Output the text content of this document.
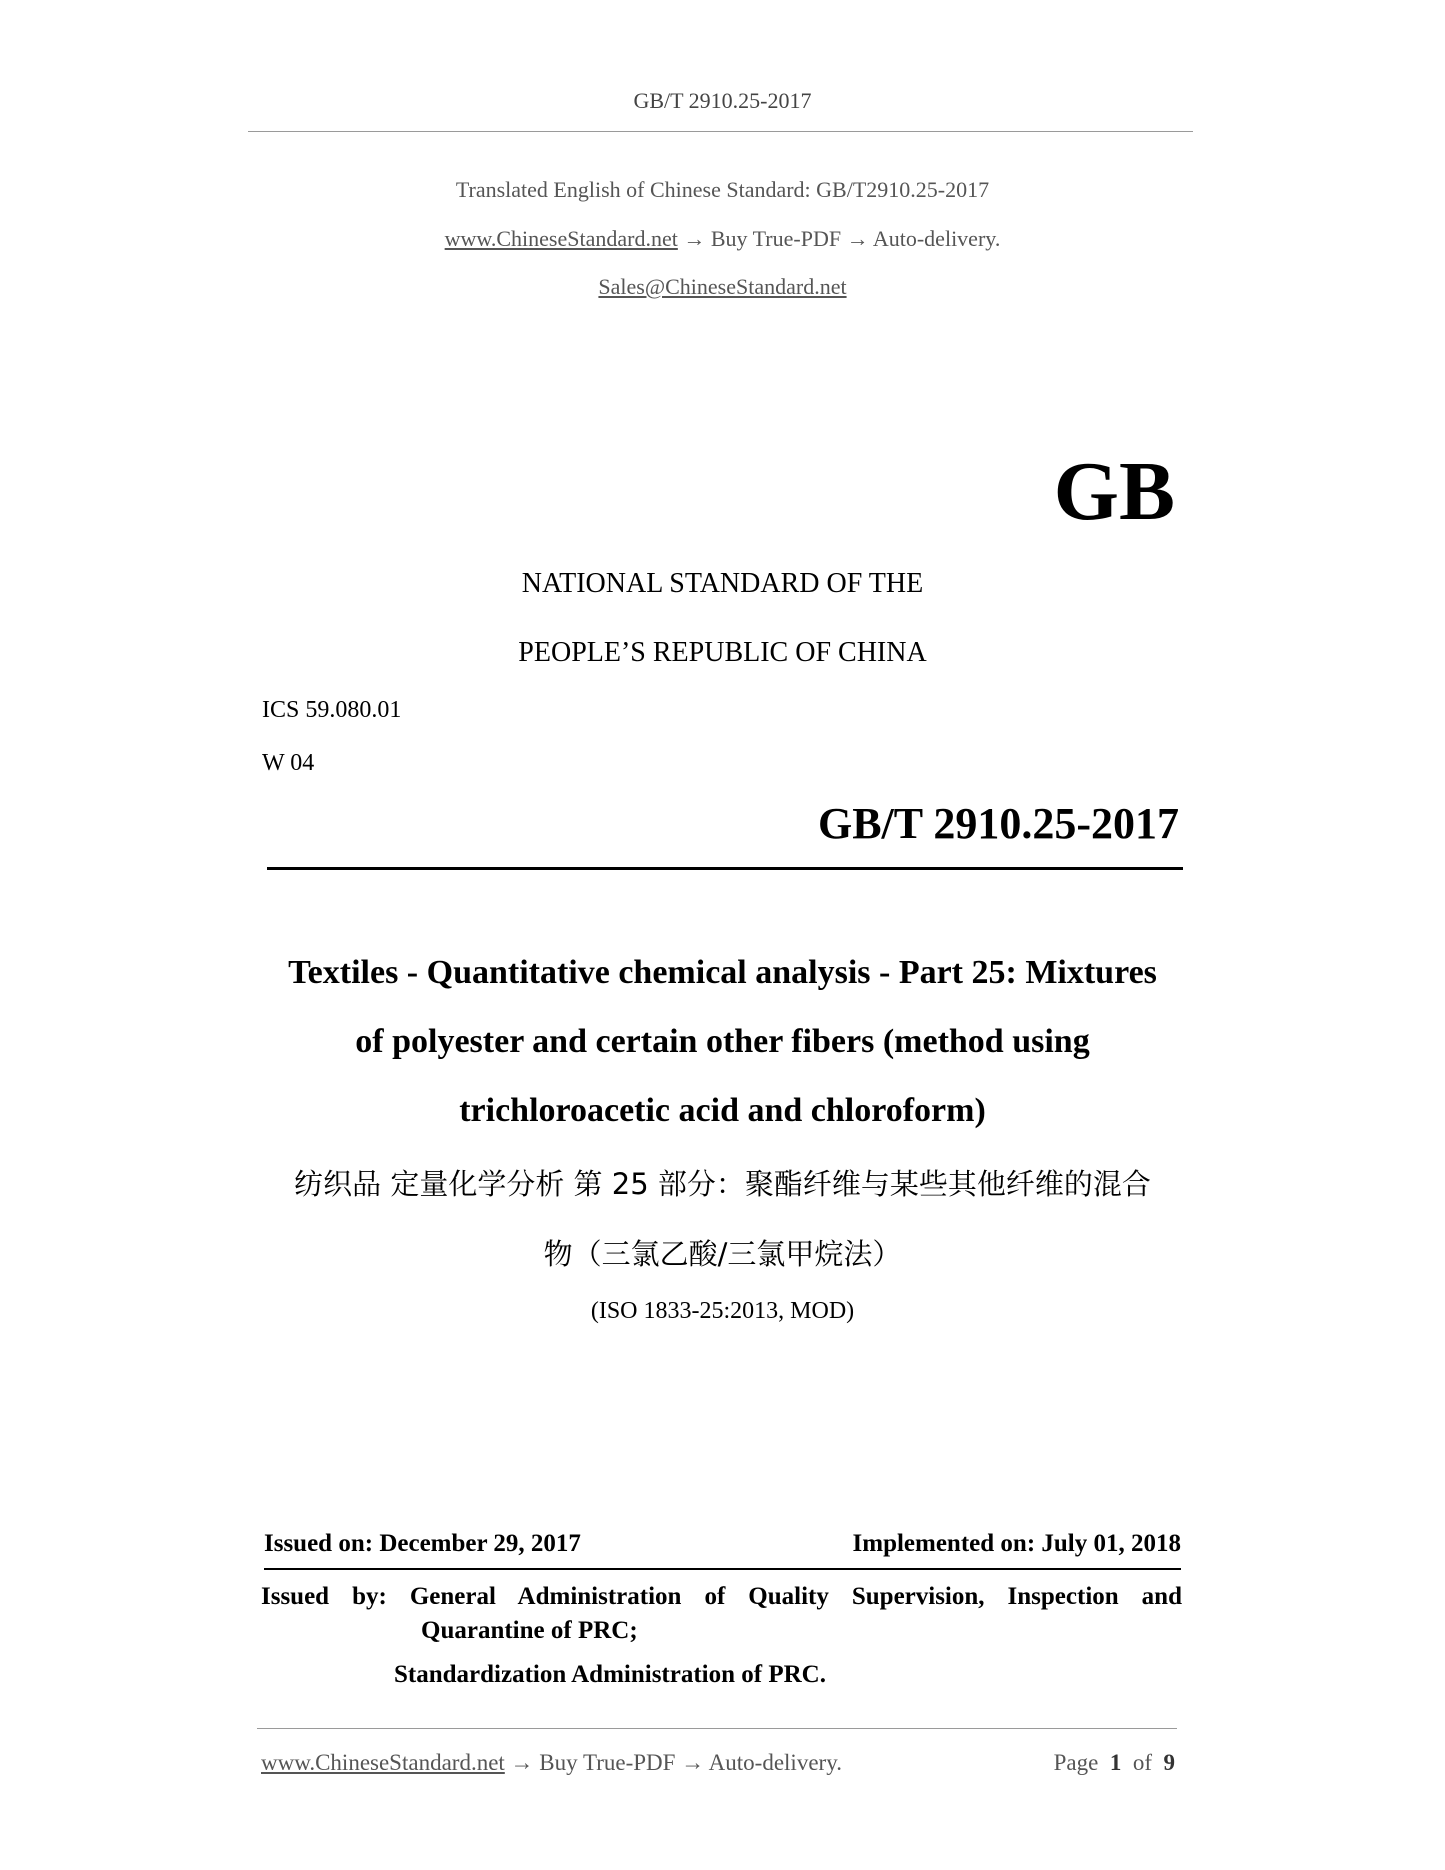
GB/T 2910.25-2017
Translated English of Chinese Standard: GB/T2910.25-2017
www.ChineseStandard.net → Buy True-PDF → Auto-delivery.
Sales@ChineseStandard.net
GB
NATIONAL STANDARD OF THE
PEOPLE’S REPUBLIC OF CHINA
ICS 59.080.01
W 04
GB/T 2910.25-2017
Textiles - Quantitative chemical analysis - Part 25: Mixtures
of polyester and certain other fibers (method using
trichloroacetic acid and chloroform)
纺织品 定量化学分析 第 25 部分：聚酯纤维与某些其他纤维的混合
物（三氯乙酸/三氯甲烷法）
(ISO 1833-25:2013, MOD)
Issued on: December 29, 2017	Implemented on: July 01, 2018
Issued by: General Administration of Quality Supervision, Inspection and
Quarantine of PRC;
Standardization Administration of PRC.
www.ChineseStandard.net → Buy True-PDF → Auto-delivery.	Page 1 of 9
